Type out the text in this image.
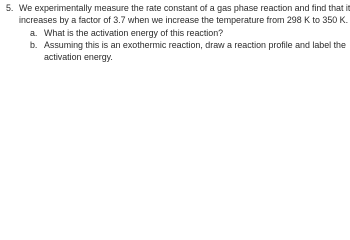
5. We experimentally measure the rate constant of a gas phase reaction and find that it
increases by a factor of 3.7 when we increase the temperature from 298 K to 350 K.
a. What is the activation energy of this reaction?
b. Assuming this is an exothermic reaction, draw a reaction profile and label the
activation energy.
